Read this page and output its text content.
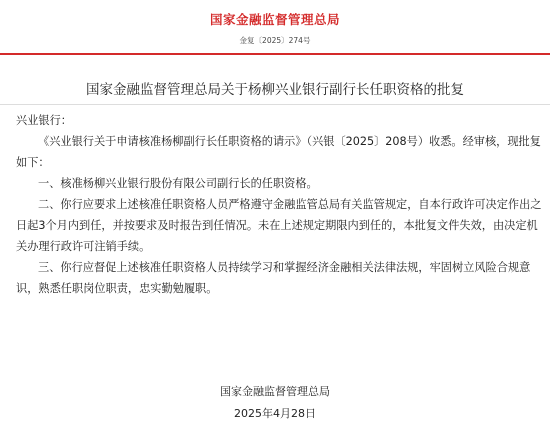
国家金融监督管理总局
金复〔2025〕274号
国家金融监督管理总局关于杨柳兴业银行副行长任职资格的批复

兴业银行：

《兴业银行关于申请核准杨柳副行长任职资格的请示》（兴银〔2025〕208号）收悉。经审核，现批复如下：

一、核准杨柳兴业银行股份有限公司副行长的任职资格。

二、你行应要求上述核准任职资格人员严格遵守金融监管总局有关监管规定，自本行政许可决定作出之日起3个月内到任，并按要求及时报告到任情况。未在上述规定期限内到任的，本批复文件失效，由决定机关办理行政许可注销手续。

三、你行应督促上述核准任职资格人员持续学习和掌握经济金融相关法律法规，牢固树立风险合规意识，熟悉任职岗位职责，忠实勤勉履职。

国家金融监督管理总局
2025年4月28日
